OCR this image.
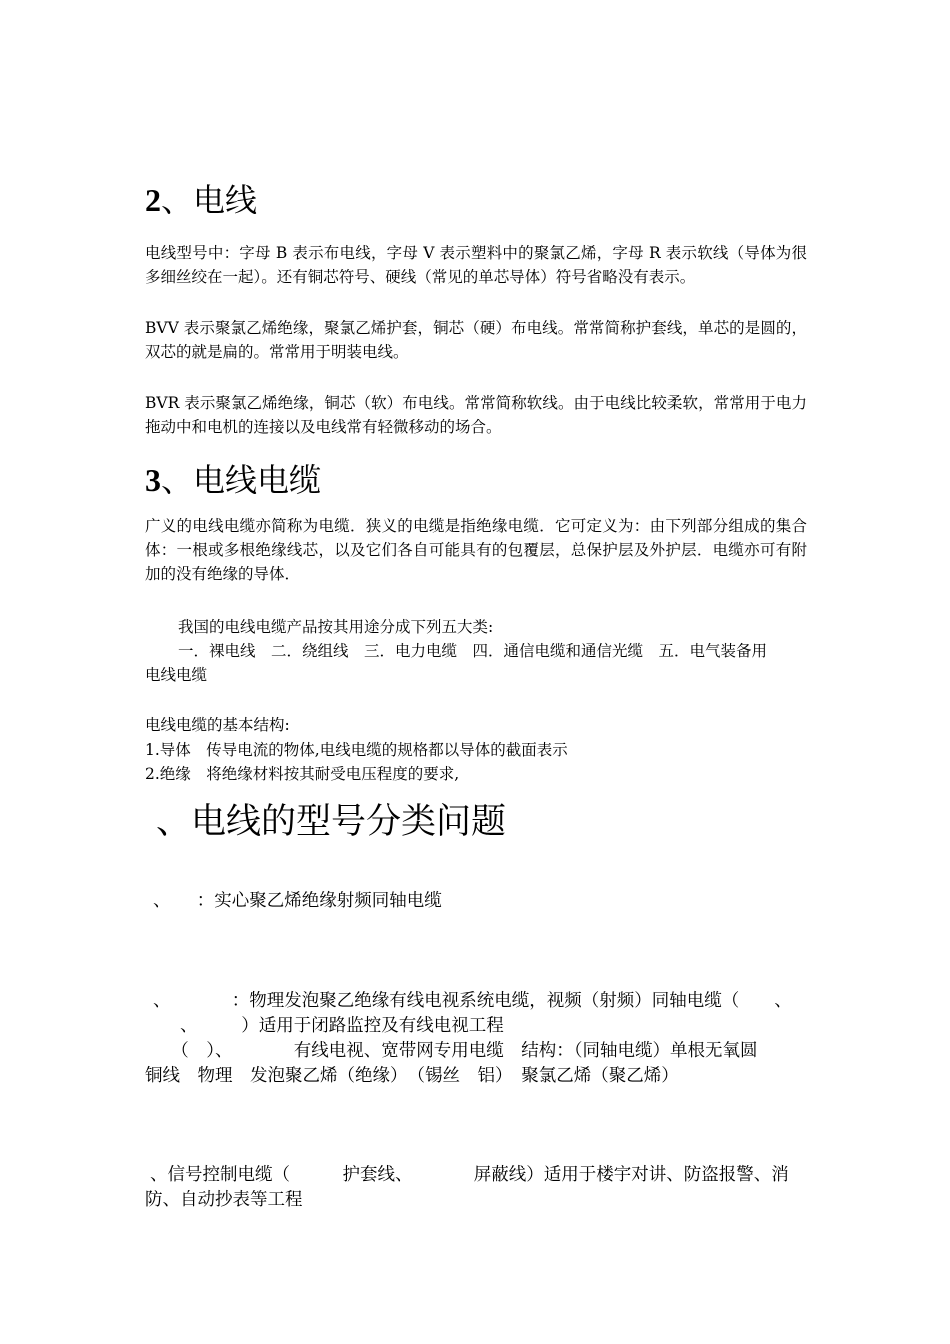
2、电线
电线型号中：字母 B 表示布电线，字母 V 表示塑料中的聚氯乙烯，字母 R 表示软线（导体为很多细丝绞在一起）。还有铜芯符号、硬线（常见的单芯导体）符号省略没有表示。
BVV 表示聚氯乙烯绝缘，聚氯乙烯护套，铜芯（硬）布电线。常常简称护套线，单芯的是圆的，双芯的就是扁的。常常用于明装电线。
BVR 表示聚氯乙烯绝缘，铜芯（软）布电线。常常简称软线。由于电线比较柔软，常常用于电力拖动中和电机的连接以及电线常有轻微移动的场合。
3、电线电缆
广义的电线电缆亦简称为电缆．狭义的电缆是指绝缘电缆．它可定义为：由下列部分组成的集合体：一根或多根绝缘线芯，以及它们各自可能具有的包覆层，总保护层及外护层．电缆亦可有附加的没有绝缘的导体．
我国的电线电缆产品按其用途分成下列五大类:
一．裸电线　二．绕组线　三．电力电缆　四．通信电缆和通信光缆　五．电气装备用
电线电缆
电线电缆的基本结构:
1.导体　传导电流的物体,电线电缆的规格都以导体的截面表示
2.绝缘　将绝缘材料按其耐受电压程度的要求,
、电线的型号分类问题
、　　：实心聚乙烯绝缘射频同轴电缆
、　　　　：物理发泡聚乙绝缘有线电视系统电缆，视频（射频）同轴电缆（　　、
　　、　　　）适用于闭路监控及有线电视工程
　　（　）、　　　　有线电视、宽带网专用电缆　结构：（同轴电缆）单根无氧圆
铜线　物理　发泡聚乙烯（绝缘）　（锡丝　铝）　聚氯乙烯（聚乙烯）
、信号控制电缆（　　　护套线、　　　　屏蔽线）适用于楼宇对讲、防盗报警、消
防、自动抄表等工程
